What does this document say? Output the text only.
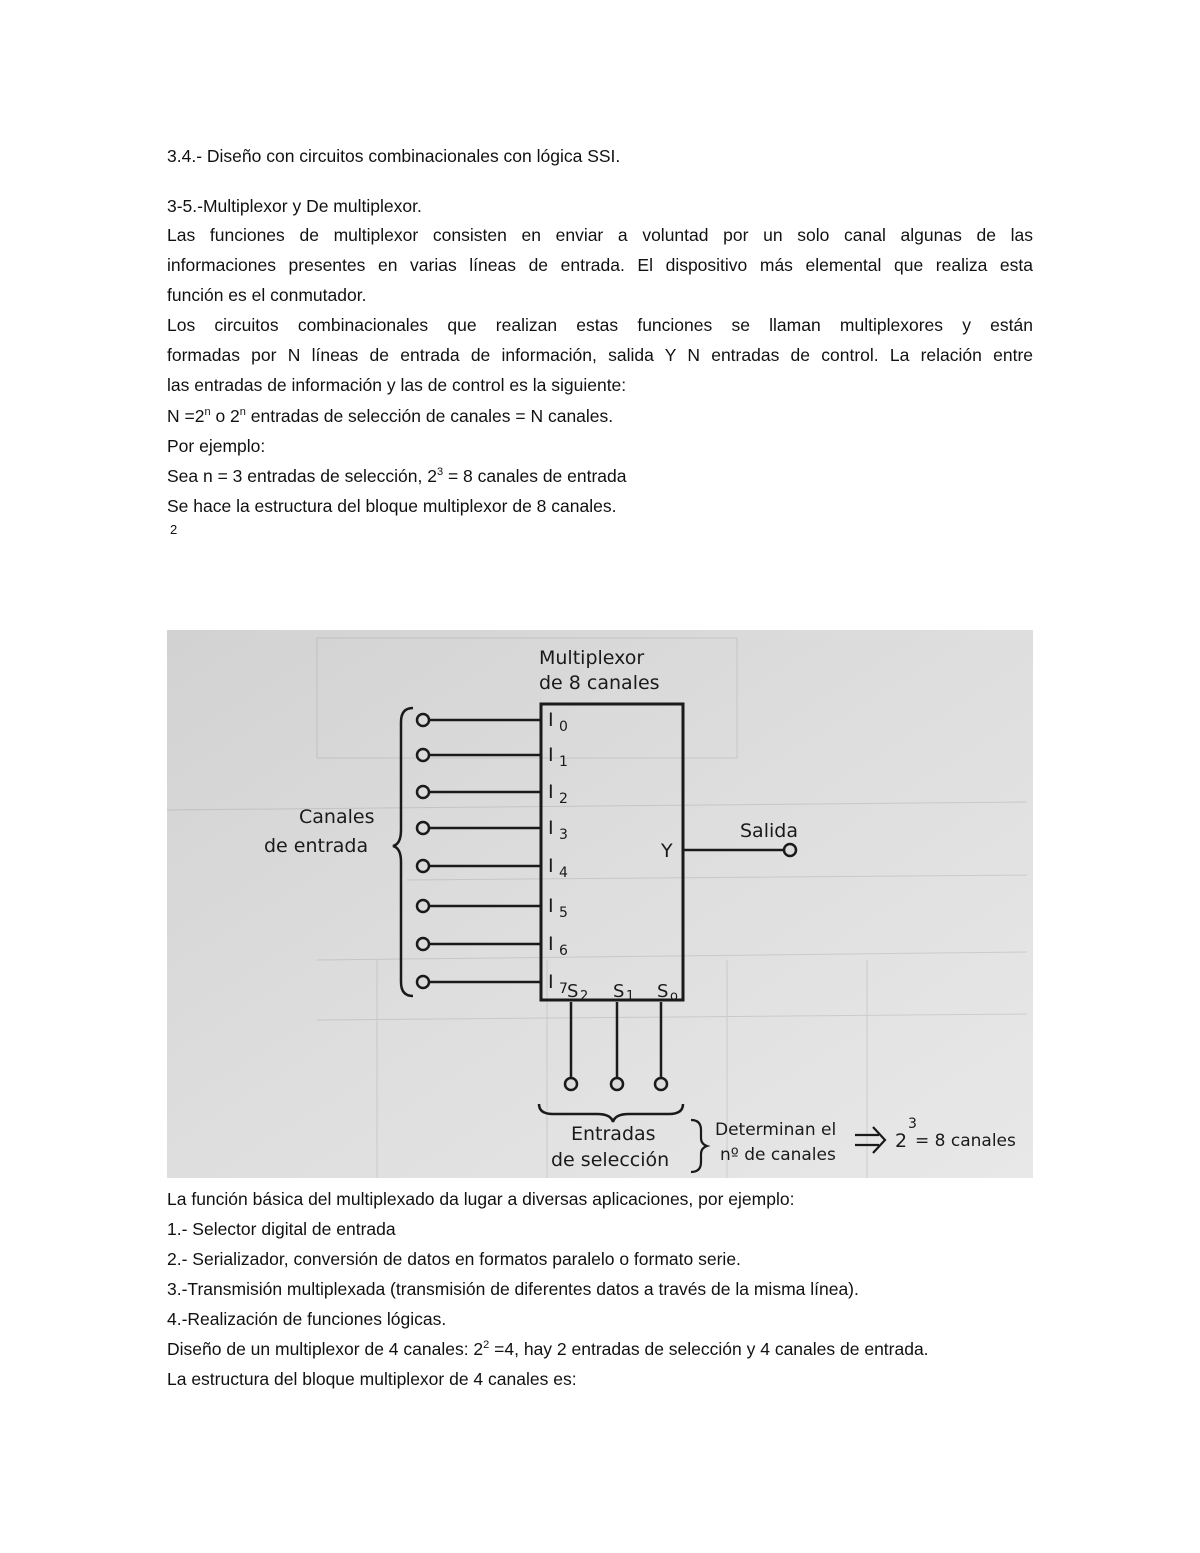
3.4.- Diseño con circuitos combinacionales con lógica SSI.

3-5.-Multiplexor y De multiplexor.

Las funciones de multiplexor consisten en enviar a voluntad por un solo canal algunas de las

informaciones presentes en varias líneas de entrada. El dispositivo más elemental que realiza esta

función es el conmutador.

Los circuitos combinacionales que realizan estas funciones se llaman multiplexores y están

formadas por N líneas de entrada de información, salida Y N entradas de control. La relación entre

las entradas de información y las de control es la siguiente:

$N =2^n$ o 2$^n$ entradas de selección de canales = N canales.

Por ejemplo:

Sea n = 3 entradas de selección, $2^3 = 8$ canales de entrada

Se hace la estructura del bloque multiplexor de 8 canales.

2
Multiplexor
de 8 canales
I 0
I 1
I 2
I 3
I 4
I 5
I 6
I 7
Canales
de entrada	Y
Salida
S 2 S 1 S o
Entradas
de selección
Determinan el
nº de canales
2
3
= 8 canales

La función básica del multiplexado da lugar a diversas aplicaciones, por ejemplo:

1.- Selector digital de entrada

2.- Serializador, conversión de datos en formatos paralelo o formato serie.

3.-Transmisión multiplexada (transmisión de diferentes datos a través de la misma línea).

4.-Realización de funciones lógicas.

Diseño de un multiplexor de 4 canales: $2^2 =4$, hay 2 entradas de selección y 4 canales de entrada.

La estructura del bloque multiplexor de 4 canales es:
